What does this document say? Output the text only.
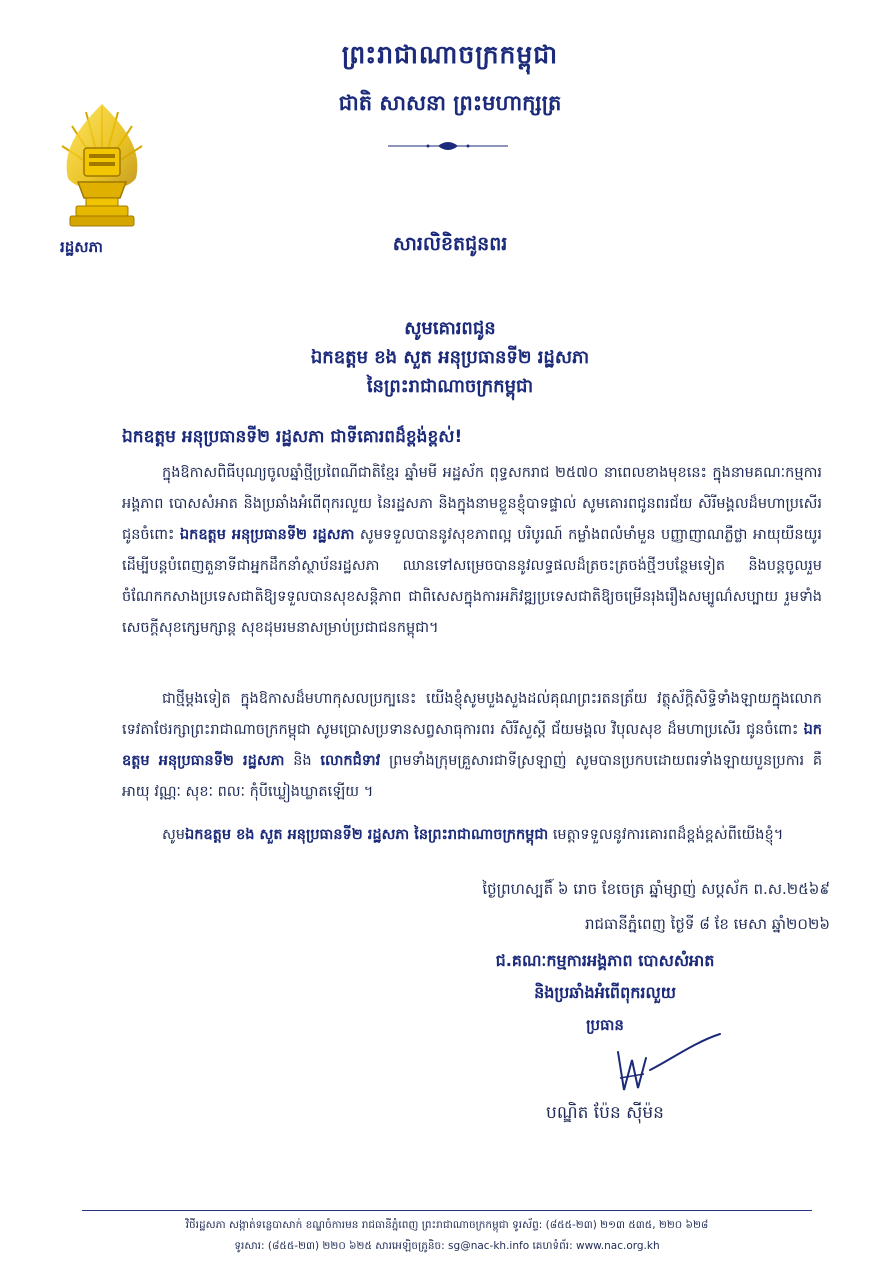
រដ្ឋសភា
ព្រះរាជាណាចក្រកម្ពុជា
ជាតិ សាសនា ព្រះមហាក្សត្រ
សារលិខិតជូនពរ
សូមគោរពជូន
ឯកឧត្តម ខង សួត អនុប្រធានទី២ រដ្ឋសភា
នៃព្រះរាជាណាចក្រកម្ពុជា
ឯកឧត្តម អនុប្រធានទី២ រដ្ឋសភា ជាទីគោរពដ៏ខ្ពង់ខ្ពស់!
ក្នុងឱកាសពិធីបុណ្យចូលឆ្នាំថ្មីប្រពៃណីជាតិខ្មែរ ឆ្នាំមមី អដ្ឋស័ក ពុទ្ធសករាជ ២៥៧០ នាពេលខាងមុខនេះ ក្នុងនាមគណៈកម្មការអង្គភាព បោសសំអាត និងប្រឆាំងអំពើពុករលួយ នៃរដ្ឋសភា និងក្នុងនាមខ្លួនខ្ញុំបាទផ្ទាល់ សូមគោរពជូនពរជ័យ សិរីមង្គលដ៏មហាប្រសើរ ជូនចំពោះ ឯកឧត្តម អនុប្រធានទី២ រដ្ឋសភា សូមទទួលបាននូវសុខភាពល្អ បរិបូរណ៍ កម្លាំងពលំមាំមួន បញ្ញាញាណភ្លឺថ្លា អាយុយឺនយូរ ដើម្បីបន្តបំពេញតួនាទីជាអ្នកដឹកនាំស្ថាប័នរដ្ឋសភា ឈានទៅសម្រេចបាននូវលទ្ធផលដ៏ត្រចះត្រចង់ថ្មីៗបន្ថែមទៀត និងបន្តចូលរួមចំណែកកសាងប្រទេសជាតិឱ្យទទួលបានសុខសន្តិភាព ជាពិសេសក្នុងការអភិវឌ្ឍប្រទេសជាតិឱ្យចម្រើនរុងរឿងសម្បូណ៌សប្បាយ រួមទាំងសេចក្ដីសុខក្សេមក្សាន្ត សុខដុមរមនាសម្រាប់ប្រជាជនកម្ពុជា។
ជាថ្មីម្តងទៀត ក្នុងឱកាសដ៏មហាកុសលប្រក្បនេះ យើងខ្ញុំសូមបួងសួងដល់គុណព្រះរតនត្រ័យ វត្ថុស័ក្តិសិទ្ធិទាំងឡាយក្នុងលោក ទេវតាថែរក្សាព្រះរាជាណាចក្រកម្ពុជា សូមប្រោសប្រទានសព្វសាធុការពរ សិរីសួស្តី ជ័យមង្គល វិបុលសុខ ដ៏មហាប្រសើរ ជូនចំពោះ ឯកឧត្តម អនុប្រធានទី២ រដ្ឋសភា និង លោកជំទាវ ព្រមទាំងក្រុមគ្រួសារជាទីស្រឡាញ់ សូមបានប្រកបដោយពរទាំងឡាយបួនប្រការ គឺ អាយុ វណ្ណៈ សុខៈ ពលៈ កុំបីឃ្លៀងឃ្លាតឡើយ ។
សូមឯកឧត្តម ខង សួត អនុប្រធានទី២ រដ្ឋសភា នៃព្រះរាជាណាចក្រកម្ពុជា មេត្តាទទួលនូវការគោរពដ៏ខ្ពង់ខ្ពស់ពីយើងខ្ញុំ។
ថ្ងៃព្រហស្បតិ៍ ៦ រោច ខែចេត្រ ឆ្នាំម្សាញ់ សប្តស័ក ព.ស.២៥៦៩
រាជធានីភ្នំពេញ ថ្ងៃទី ៨ ខែ មេសា ឆ្នាំ២០២៦
ជ.គណៈកម្មការអង្គភាព បោសសំអាត
និងប្រឆាំងអំពើពុករលួយ
ប្រធាន
បណ្ឌិត ប៉ែន ស៊ីម៉ន
វិថីរដ្ឋសភា សង្កាត់ទន្លេបាសាក់ ខណ្ឌចំការមន រាជធានីភ្នំពេញ ព្រះរាជាណាចក្រកម្ពុជា ទូរស័ព្ទ: (៨៥៥-២៣) ២១៣ ៥៣៥, ២២០ ៦២៨
ទូរសារ: (៨៥៥-២៣) ២២០ ៦២៥ សារអេឡិចត្រូនិច: sg@nac-kh.info គេហទំព័រ: www.nac.org.kh
